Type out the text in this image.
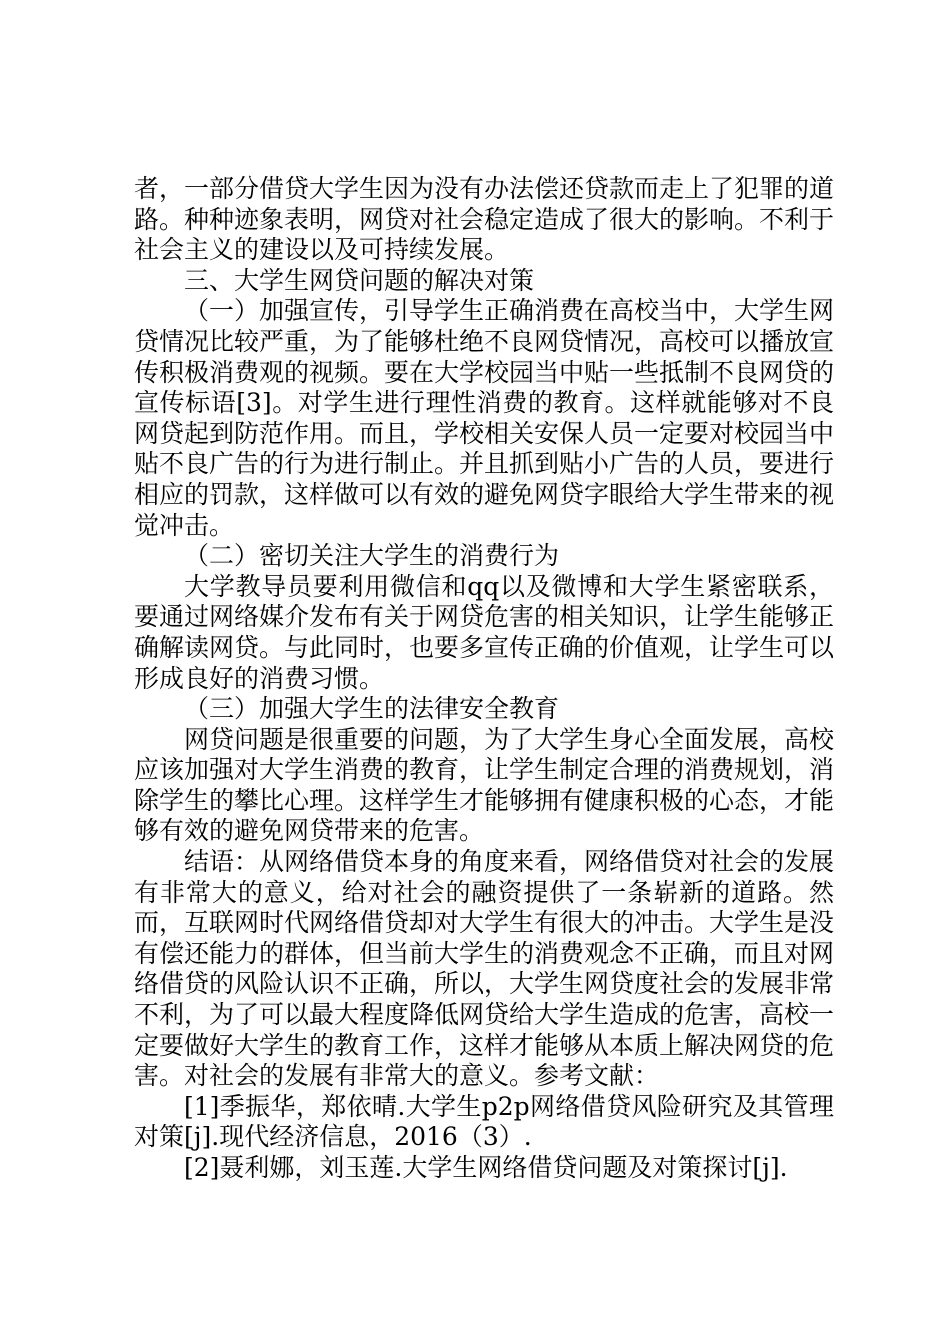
者，一部分借贷大学生因为没有办法偿还贷款而走上了犯罪的道路。种种迹象表明，网贷对社会稳定造成了很大的影响。不利于社会主义的建设以及可持续发展。

三、大学生网贷问题的解决对策

（一）加强宣传，引导学生正确消费在高校当中，大学生网贷情况比较严重，为了能够杜绝不良网贷情况，高校可以播放宣传积极消费观的视频。要在大学校园当中贴一些抵制不良网贷的宣传标语[3]。对学生进行理性消费的教育。这样就能够对不良网贷起到防范作用。而且，学校相关安保人员一定要对校园当中贴不良广告的行为进行制止。并且抓到贴小广告的人员，要进行相应的罚款，这样做可以有效的避免网贷字眼给大学生带来的视觉冲击。

（二）密切关注大学生的消费行为

大学教导员要利用微信和qq以及微博和大学生紧密联系，要通过网络媒介发布有关于网贷危害的相关知识，让学生能够正确解读网贷。与此同时，也要多宣传正确的价值观，让学生可以形成良好的消费习惯。

（三）加强大学生的法律安全教育

网贷问题是很重要的问题，为了大学生身心全面发展，高校应该加强对大学生消费的教育，让学生制定合理的消费规划，消除学生的攀比心理。这样学生才能够拥有健康积极的心态，才能够有效的避免网贷带来的危害。

结语：从网络借贷本身的角度来看，网络借贷对社会的发展有非常大的意义，给对社会的融资提供了一条崭新的道路。然而，互联网时代网络借贷却对大学生有很大的冲击。大学生是没有偿还能力的群体，但当前大学生的消费观念不正确，而且对网络借贷的风险认识不正确，所以，大学生网贷度社会的发展非常不利，为了可以最大程度降低网贷给大学生造成的危害，高校一定要做好大学生的教育工作，这样才能够从本质上解决网贷的危害。对社会的发展有非常大的意义。参考文献：

[1]季振华，郑依晴.大学生p2p网络借贷风险研究及其管理对策[j].现代经济信息，2016（3）.

[2]聂利娜，刘玉莲.大学生网络借贷问题及对策探讨[j].
